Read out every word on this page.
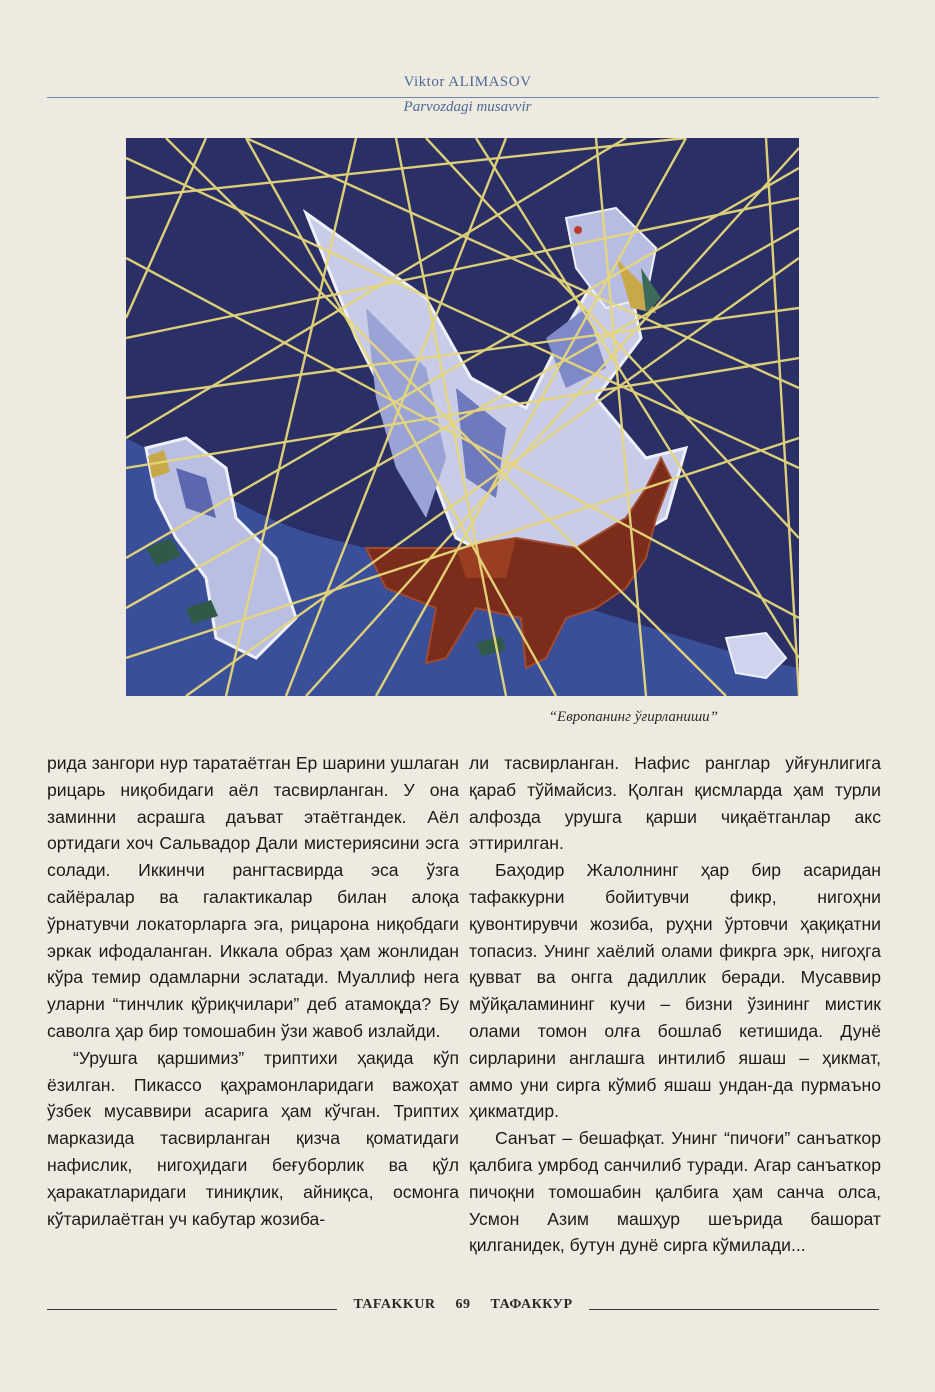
Viktor ALIMASOV
Parvozdagi musavvir
“Европанинг ўғирланиши”

рида зангори нур таратаётган Ер шарини ушлаган рицарь ниқобидаги аёл тасвирланган. У она заминни асрашга даъват этаётгандек. Аёл ортидаги хоч Сальвадор Дали мистериясини эсга солади. Иккинчи рангтасвирда эса ўзга сайёралар ва галактикалар билан алоқа ўрнатувчи локаторларга эга, рицарона ниқобдаги эркак ифодаланган. Иккала образ ҳам жонлидан кўра темир одамларни эслатади. Муаллиф нега уларни “тинчлик қўриқчилари” деб атамоқда? Бу саволга ҳар бир томошабин ўзи жавоб излайди.

“Урушга қаршимиз” триптихи ҳақида кўп ёзилган. Пикассо қаҳрамонларидаги важоҳат ўзбек мусаввири асарига ҳам кўчган. Триптих марказида тасвирланган қизча қоматидаги нафислик, нигоҳидаги беғуборлик ва қўл ҳаракатларидаги тиниқлик, айниқса, осмонга кўтарилаётган уч кабутар жозиба-

ли тасвирланган. Нафис ранглар уйғунлигига қараб тўймайсиз. Қолган қисмларда ҳам турли алфозда урушга қарши чиқаётганлар акс эттирилган.

Баҳодир Жалолнинг ҳар бир асаридан тафаккурни бойитувчи фикр, нигоҳни қувонтирувчи жозиба, руҳни ўртовчи ҳақиқатни топасиз. Унинг хаёлий олами фикрга эрк, нигоҳга қувват ва онгга дадиллик беради. Мусаввир мўйқаламининг кучи – бизни ўзининг мистик олами томон олға бошлаб кетишида. Дунё сирларини англашга интилиб яшаш – ҳикмат, аммо уни сирга кўмиб яшаш ундан-да пурмаъно ҳикматдир.

Санъат – бешафқат. Унинг “пичоғи” санъаткор қалбига умрбод санчилиб туради. Агар санъаткор пичоқни томошабин қалбига ҳам санча олса, Усмон Азим машҳур шеърида башорат қилганидек, бутун дунё сирга кўмилади...

TAFAKKUR 69 ТАФАККУР
